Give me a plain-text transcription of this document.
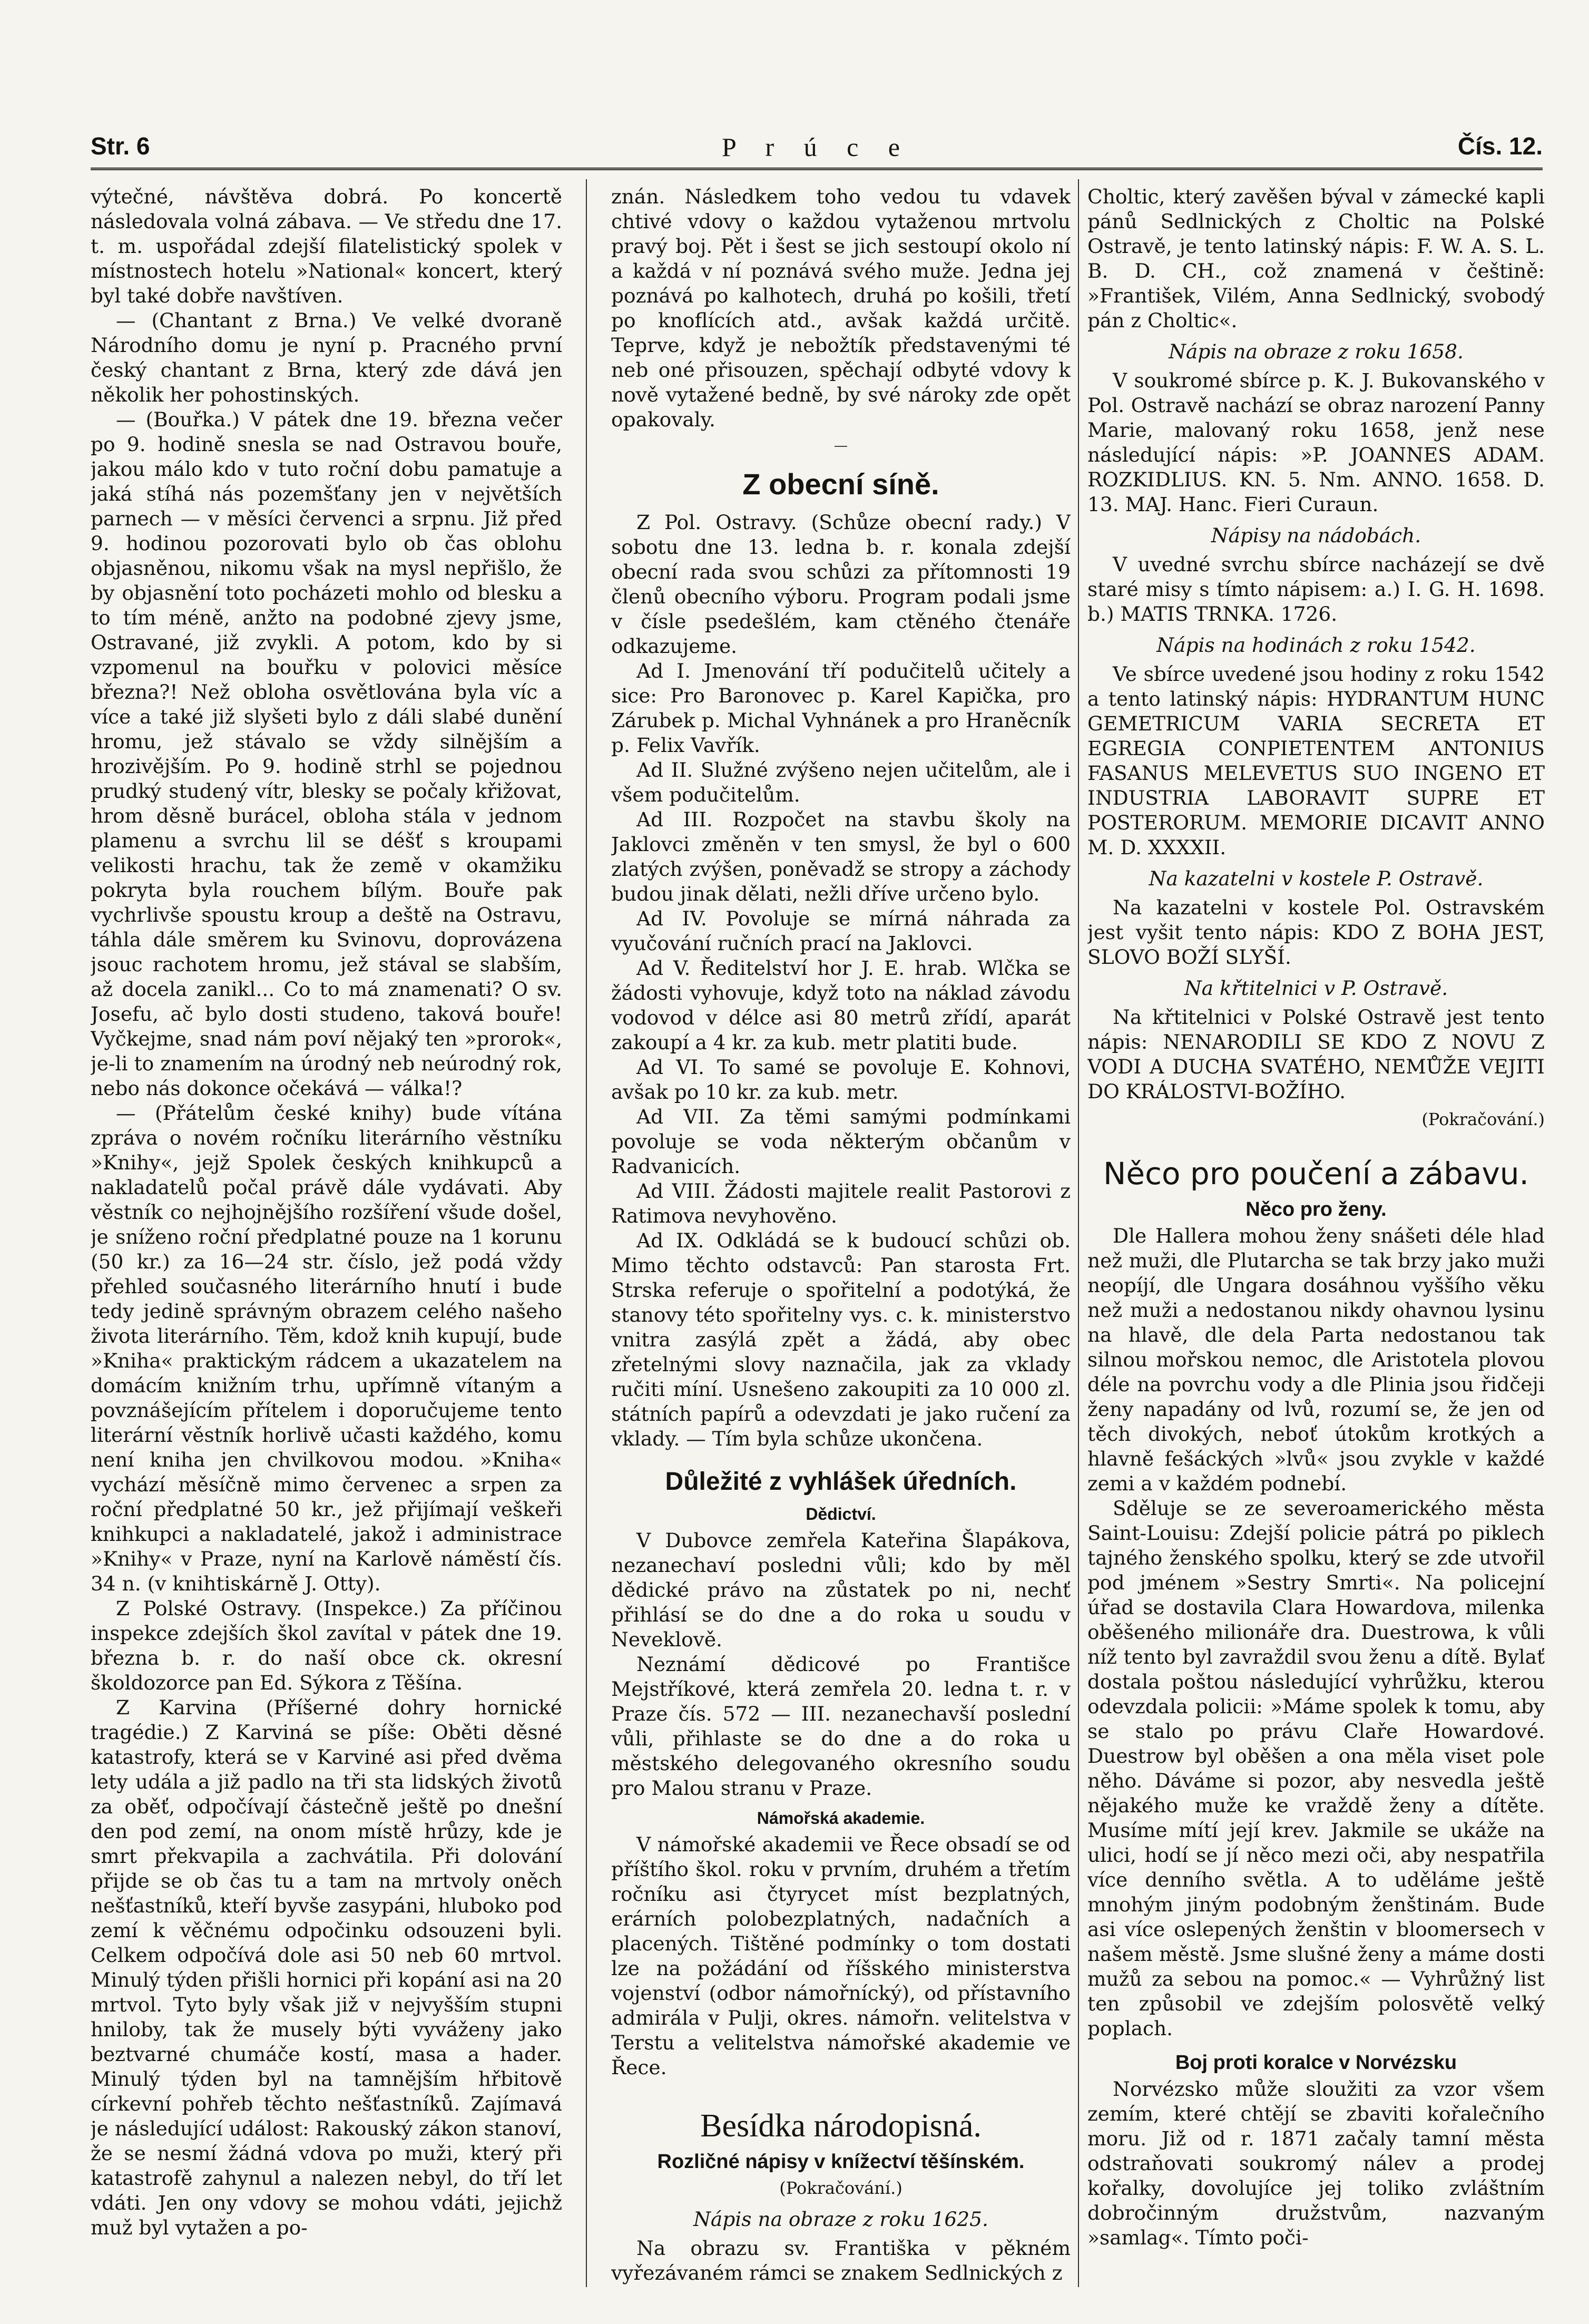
Str. 6	P r ú c e	Čís. 12.

výtečné, návštěva dobrá. Po koncertě následovala volná zábava. — Ve středu dne 17. t. m. uspořádal zdejší filatelistický spolek v místnostech hotelu »National« koncert, který byl také dobře navštíven.

— (Chantant z Brna.) Ve velké dvoraně Národního domu je nyní p. Pracného první český chantant z Brna, který zde dává jen několik her pohostinských.

— (Bouřka.) V pátek dne 19. března večer po 9. hodině snesla se nad Ostravou bouře, jakou málo kdo v tuto roční dobu pamatuje a jaká stíhá nás pozemšťany jen v největších parnech — v měsíci červenci a srpnu. Již před 9. hodinou pozorovati bylo ob čas oblohu objasněnou, nikomu však na mysl nepřišlo, že by objasnění toto pocházeti mohlo od blesku a to tím méně, anžto na podobné zjevy jsme, Ostravané, již zvykli. A potom, kdo by si vzpomenul na bouřku v polovici měsíce března?! Než obloha osvětlována byla víc a více a také již slyšeti bylo z dáli slabé dunění hromu, jež stávalo se vždy silnějším a hrozivějším. Po 9. hodině strhl se pojednou prudký studený vítr, blesky se počaly křižovat, hrom děsně burácel, obloha stála v jednom plamenu a svrchu lil se déšť s kroupami velikosti hrachu, tak že země v okamžiku pokryta byla rouchem bílým. Bouře pak vychrlivše spoustu kroup a deště na Ostravu, táhla dále směrem ku Svinovu, doprovázena jsouc rachotem hromu, jež stával se slabším, až docela zanikl... Co to má znamenati? O sv. Josefu, ač bylo dosti studeno, taková bouře! Vyčkejme, snad nám poví nějaký ten »prorok«, je-li to znamením na úrodný neb neúrodný rok, nebo nás dokonce očekává — válka!?

— (Přátelům české knihy) bude vítána zpráva o novém ročníku literárního věstníku »Knihy«, jejž Spolek českých knihkupců a nakladatelů počal právě dále vydávati. Aby věstník co nejhojnějšího rozšíření všude došel, je sníženo roční předplatné pouze na 1 korunu (50 kr.) za 16—24 str. číslo, jež podá vždy přehled současného literárního hnutí i bude tedy jedině správným obrazem celého našeho života literárního. Těm, kdož knih kupují, bude »Kniha« praktickým rádcem a ukazatelem na domácím knižním trhu, upřímně vítaným a povznášejícím přítelem i doporučujeme tento literární věstník horlivě učasti každého, komu není kniha jen chvilkovou modou. »Kniha« vychází měsíčně mimo červenec a srpen za roční předplatné 50 kr., jež přijímají veškeři knihkupci a nakladatelé, jakož i administrace »Knihy« v Praze, nyní na Karlově náměstí čís. 34 n. (v knihtiskárně J. Otty).

Z Polské Ostravy. (Inspekce.) Za příčinou inspekce zdejších škol zavítal v pátek dne 19. března b. r. do naší obce ck. okresní školdozorce pan Ed. Sýkora z Těšína.

Z Karvina (Příšerné dohry hornické tragédie.) Z Karviná se píše: Oběti děsné katastrofy, která se v Karviné asi před dvěma lety udála a již padlo na tři sta lidských životů za oběť, odpočívají částečně ještě po dnešní den pod zemí, na onom místě hrůzy, kde je smrt překvapila a zachvátila. Při dolování přijde se ob čas tu a tam na mrtvoly oněch nešťastníků, kteří byvše zasypáni, hluboko pod zemí k věčnému odpočinku odsouzeni byli. Celkem odpočívá dole asi 50 neb 60 mrtvol. Minulý týden přišli hornici při kopání asi na 20 mrtvol. Tyto byly však již v nejvyšším stupni hniloby, tak že musely býti vyváženy jako beztvarné chumáče kostí, masa a hader. Minulý týden byl na tamnějším hřbitově církevní pohřeb těchto nešťastníků. Zajímavá je následující událost: Rakouský zákon stanoví, že se nesmí žádná vdova po muži, který při katastrofě zahynul a nalezen nebyl, do tří let vdáti. Jen ony vdovy se mohou vdáti, jejichž muž byl vytažen a po-

znán. Následkem toho vedou tu vdavek chtivé vdovy o každou vytaženou mrtvolu pravý boj. Pět i šest se jich sestoupí okolo ní a každá v ní poznává svého muže. Jedna jej poznává po kalhotech, druhá po košili, třetí po knoflících atd., avšak každá určitě. Teprve, když je nebožtík představenými té neb oné přisouzen, spěchají odbyté vdovy k nově vytažené bedně, by své nároky zde opět opakovaly.

Z obecní síně.

Z Pol. Ostravy. (Schůze obecní rady.) V sobotu dne 13. ledna b. r. konala zdejší obecní rada svou schůzi za přítomnosti 19 členů obecního výboru. Program podali jsme v čísle psedešlém, kam ctěného čtenáře odkazujeme.

Ad I. Jmenování tří podučitelů učitely a sice: Pro Baronovec p. Karel Kapička, pro Zárubek p. Michal Vyhnánek a pro Hraněcník p. Felix Vavřík.

Ad II. Služné zvýšeno nejen učitelům, ale i všem podučitelům.

Ad III. Rozpočet na stavbu školy na Jaklovci změněn v ten smysl, že byl o 600 zlatých zvýšen, poněvadž se stropy a záchody budou jinak dělati, nežli dříve určeno bylo.

Ad IV. Povoluje se mírná náhrada za vyučování ručních prací na Jaklovci.

Ad V. Ředitelství hor J. E. hrab. Wlčka se žádosti vyhovuje, když toto na náklad závodu vodovod v délce asi 80 metrů zřídí, aparát zakoupí a 4 kr. za kub. metr platiti bude.

Ad VI. To samé se povoluje E. Kohnovi, avšak po 10 kr. za kub. metr.

Ad VII. Za těmi samými podmínkami povoluje se voda některým občanům v Radvanicích.

Ad VIII. Žádosti majitele realit Pastorovi z Ratimova nevyhověno.

Ad IX. Odkládá se k budoucí schůzi ob. Mimo těchto odstavců: Pan starosta Frt. Strska referuje o spořitelní a podotýká, že stanovy této spořitelny vys. c. k. ministerstvo vnitra zasýlá zpět a žádá, aby obec zřetelnými slovy naznačila, jak za vklady ručiti míní. Usnešeno zakoupiti za 10 000 zl. státních papírů a odevzdati je jako ručení za vklady. — Tím byla schůze ukončena.

Důležité z vyhlášek úředních.
Dědictví.

V Dubovce zemřela Kateřina Šlapákova, nezanechaví posledni vůli; kdo by měl dědické právo na zůstatek po ni, nechť přihlásí se do dne a do roka u soudu v Neveklově.

Neznámí dědicové po Františce Mejstříkové, která zemřela 20. ledna t. r. v Praze čís. 572 — III. nezanechavší poslední vůli, přihlaste se do dne a do roka u městského delegovaného okresního soudu pro Malou stranu v Praze.

Námořská akademie.

V námořské akademii ve Řece obsadí se od příštího škol. roku v prvním, druhém a třetím ročníku asi čtyrycet míst bezplatných, erárních polobezplatných, nadačních a placených. Tištěné podmínky o tom dostati lze na požádání od říšského ministerstva vojenství (odbor námořnícký), od přístavního admirála v Pulji, okres. námořn. velitelstva v Terstu a velitelstva námořské akademie ve Řece.

Besídka národopisná.
Rozličné nápisy v knížectví těšínském.

(Pokračování.)

Nápis na obraze z roku 1625.

Na obrazu sv. Františka v pěkném vyřezávaném rámci se znakem Sedlnických z

Choltic, který zavěšen býval v zámecké kapli pánů Sedlnických z Choltic na Polské Ostravě, je tento latinský nápis: F. W. A. S. L. B. D. CH., což znamená v češtině: »František, Vilém, Anna Sedlnický, svobodý pán z Choltic«.

Nápis na obraze z roku 1658.

V soukromé sbírce p. K. J. Bukovanského v Pol. Ostravě nachází se obraz narození Panny Marie, malovaný roku 1658, jenž nese následující nápis: »P. JOANNES ADAM. ROZKIDLIUS. KN. 5. Nm. ANNO. 1658. D. 13. MAJ. Hanc. Fieri Curaun.

Nápisy na nádobách.

V uvedné svrchu sbírce nacházejí se dvě staré misy s tímto nápisem: a.) I. G. H. 1698. b.) MATIS TRNKA. 1726.

Nápis na hodinách z roku 1542.

Ve sbírce uvedené jsou hodiny z roku 1542 a tento latinský nápis: HYDRANTUM HUNC GEMETRICUM VARIA SECRETA ET EGREGIA CONPIETENTEM ANTONIUS FASANUS MELEVETUS SUO INGENO ET INDUSTRIA LABORAVIT SUPRE ET POSTERORUM. MEMORIE DICAVIT ANNO M. D. XXXXII.

Na kazatelni v kostele P. Ostravě.

Na kazatelni v kostele Pol. Ostravském jest vyšit tento nápis: KDO Z BOHA JEST, SLOVO BOŽÍ SLYŠÍ.

Na křtitelnici v P. Ostravě.

Na křtitelnici v Polské Ostravě jest tento nápis: NENARODILI SE KDO Z NOVU Z VODI A DUCHA SVATÉHO, NEMŮŽE VEJITI DO KRÁLOSTVI-BOŽÍHO.

(Pokračování.)

Něco pro poučení a zábavu.
Něco pro ženy.

Dle Hallera mohou ženy snášeti déle hlad než muži, dle Plutarcha se tak brzy jako muži neopíjí, dle Ungara dosáhnou vyššího věku než muži a nedostanou nikdy ohavnou lysinu na hlavě, dle dela Parta nedostanou tak silnou mořskou nemoc, dle Aristotela plovou déle na povrchu vody a dle Plinia jsou řidčeji ženy napadány od lvů, rozumí se, že jen od těch divokých, neboť útokům krotkých a hlavně fešáckých »lvů« jsou zvykle v každé zemi a v každém podnebí.

Sděluje se ze severoamerického města Saint-Louisu: Zdejší policie pátrá po piklech tajného ženského spolku, který se zde utvořil pod jménem »Sestry Smrti«. Na policejní úřad se dostavila Clara Howardova, milenka oběšeného milionáře dra. Duestrowa, k vůli níž tento byl zavraždil svou ženu a dítě. Bylať dostala poštou následující vyhrůžku, kterou odevzdala policii: »Máme spolek k tomu, aby se stalo po právu Claře Howardové. Duestrow byl oběšen a ona měla viset pole něho. Dáváme si pozor, aby nesvedla ještě nějakého muže ke vraždě ženy a dítěte. Musíme mítí její krev. Jakmile se ukáže na ulici, hodí se jí něco mezi oči, aby nespatřila více denního světla. A to uděláme ještě mnohým jiným podobným ženštinám. Bude asi více oslepených ženštin v bloomersech v našem městě. Jsme slušné ženy a máme dosti mužů za sebou na pomoc.« — Vyhrůžný list ten způsobil ve zdejším polosvětě velký poplach.

Boj proti koralce v Norvézsku

Norvézsko může sloužiti za vzor všem zemím, které chtějí se zbaviti kořalečního moru. Již od r. 1871 začaly tamní města odstraňovati soukromý nálev a prodej kořalky, dovolujíce jej toliko zvláštním dobročinným družstvům, nazvaným »samlag«. Tímto poči-
